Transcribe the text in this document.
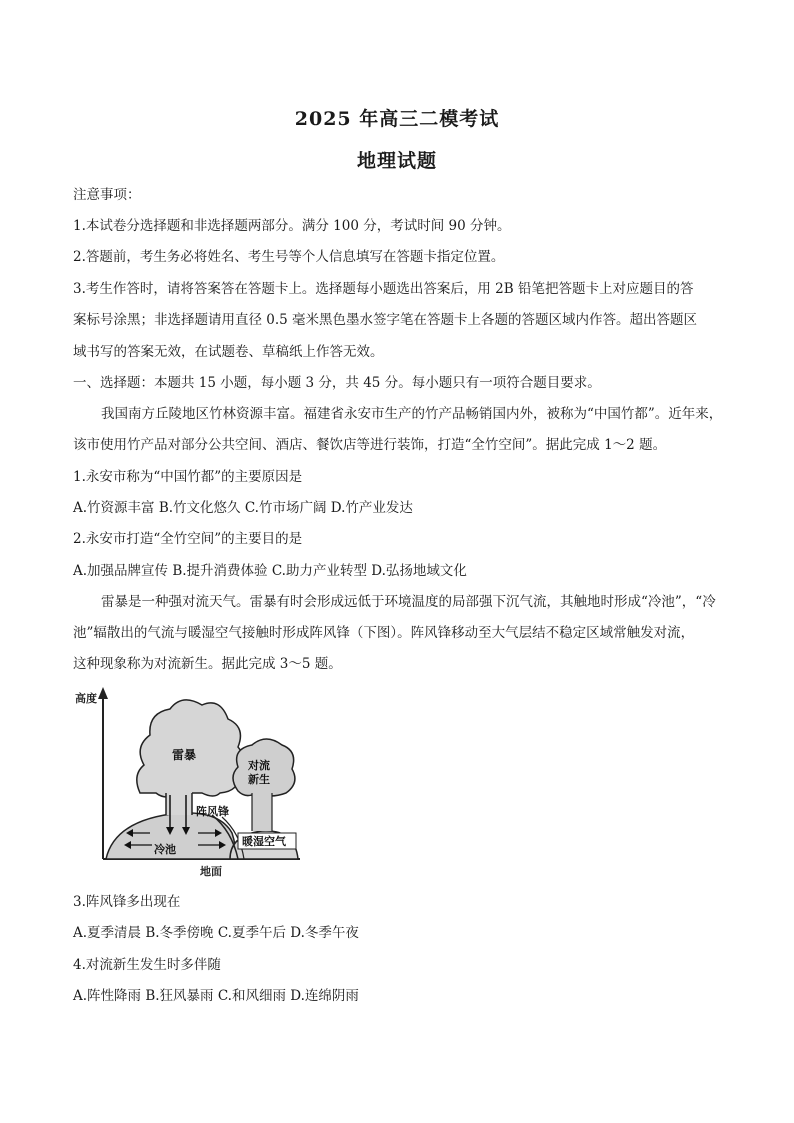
2025 年高三二模考试
地理试题
注意事项：
1.本试卷分选择题和非选择题两部分。满分 100 分，考试时间 90 分钟。
2.答题前，考生务必将姓名、考生号等个人信息填写在答题卡指定位置。
3.考生作答时，请将答案答在答题卡上。选择题每小题选出答案后，用 2B 铅笔把答题卡上对应题目的答
案标号涂黑；非选择题请用直径 0.5 毫米黑色墨水签字笔在答题卡上各题的答题区域内作答。超出答题区
域书写的答案无效，在试题卷、草稿纸上作答无效。
一、选择题：本题共 15 小题，每小题 3 分，共 45 分。每小题只有一项符合题目要求。
我国南方丘陵地区竹林资源丰富。福建省永安市生产的竹产品畅销国内外，被称为“中国竹都”。近年来，
该市使用竹产品对部分公共空间、酒店、餐饮店等进行装饰，打造“全竹空间”。据此完成 1～2 题。
1.永安市称为“中国竹都”的主要原因是
A.竹资源丰富 B.竹文化悠久 C.竹市场广阔 D.竹产业发达
2.永安市打造“全竹空间”的主要目的是
A.加强品牌宣传 B.提升消费体验 C.助力产业转型 D.弘扬地域文化
雷暴是一种强对流天气。雷暴有时会形成远低于环境温度的局部强下沉气流，其触地时形成“冷池”，“冷
池”辐散出的气流与暖湿空气接触时形成阵风锋（下图）。阵风锋移动至大气层结不稳定区域常触发对流，
这种现象称为对流新生。据此完成 3～5 题。
高度
地面
雷暴
冷池
阵风锋
对流
新生
暖湿空气
3.阵风锋多出现在
A.夏季清晨 B.冬季傍晚 C.夏季午后 D.冬季午夜
4.对流新生发生时多伴随
A.阵性降雨 B.狂风暴雨 C.和风细雨 D.连绵阴雨
